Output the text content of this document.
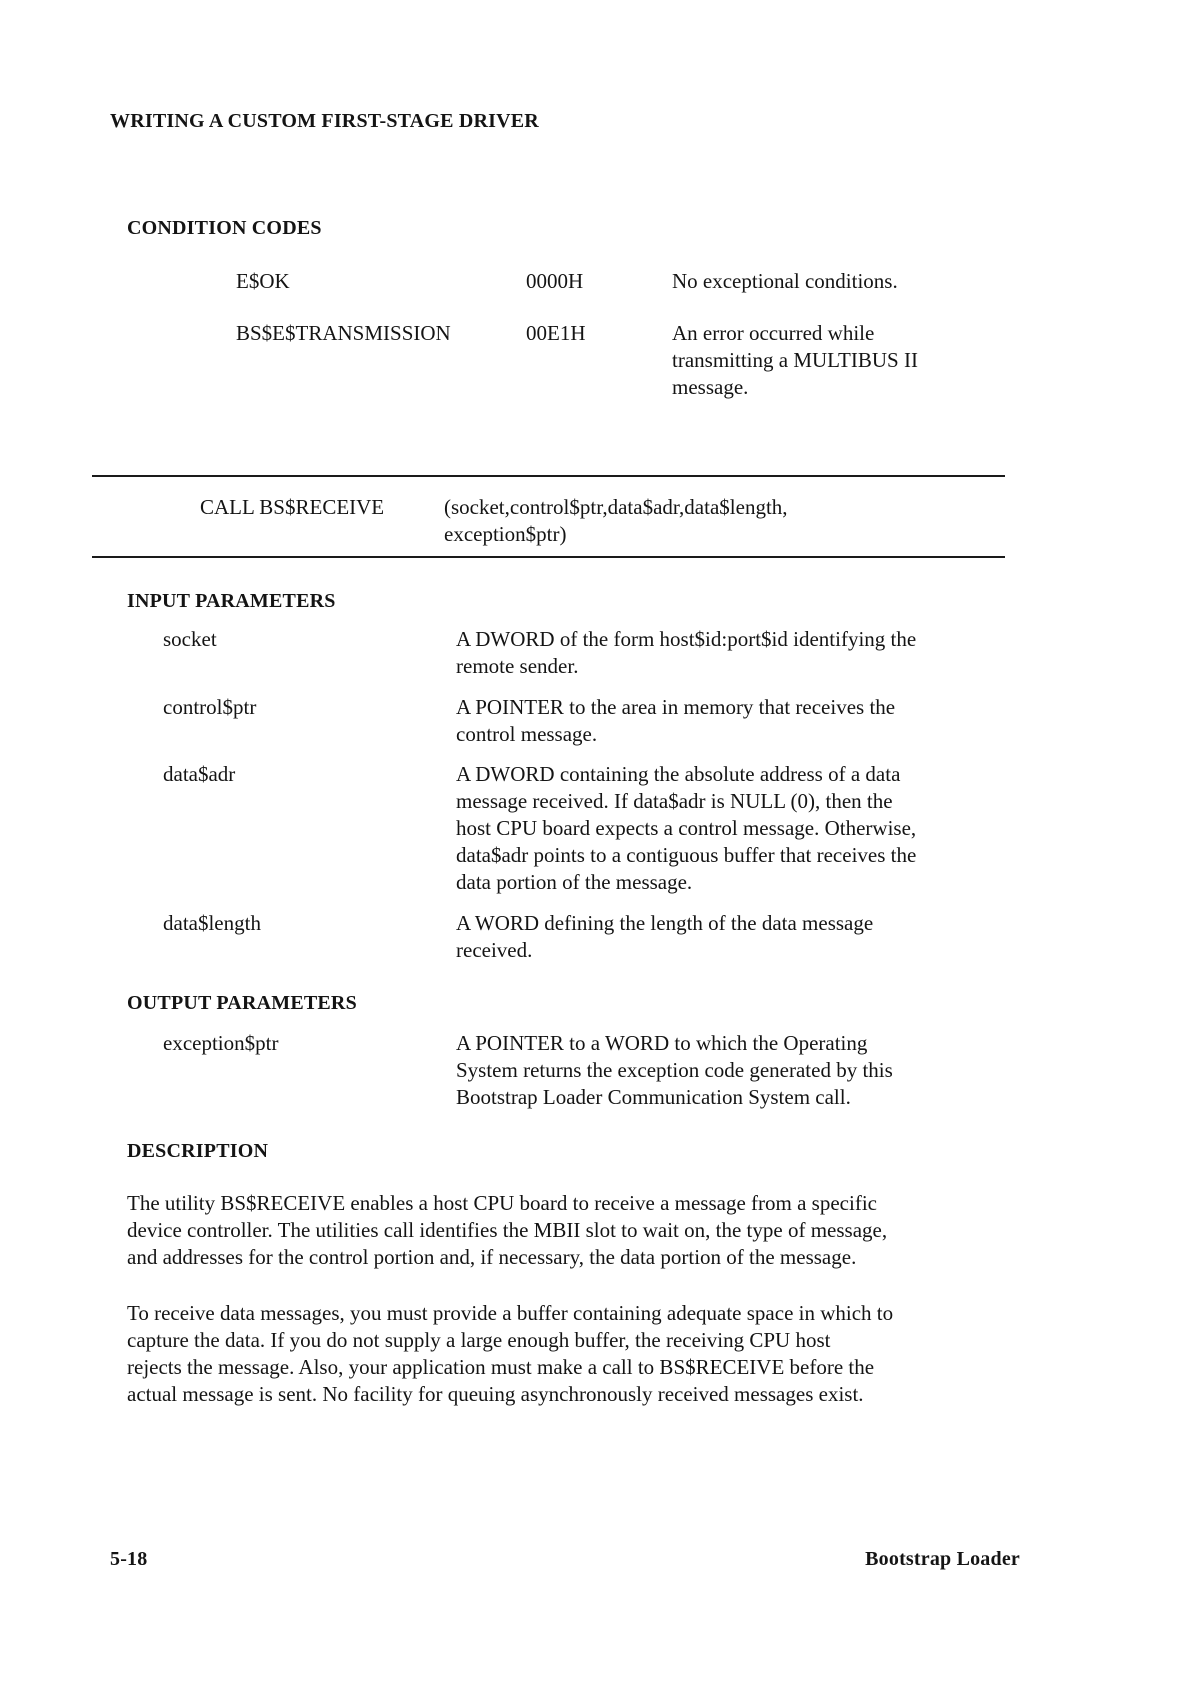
WRITING A CUSTOM FIRST-STAGE DRIVER
CONDITION CODES
E$OK	0000H	No exceptional conditions.
BS$E$TRANSMISSION	00E1H	An error occurred while
transmitting a MULTIBUS II
message.
CALL BS$RECEIVE	(socket,control$ptr,data$adr,data$length,
exception$ptr)
INPUT PARAMETERS
socket	A DWORD of the form host$id:port$id identifying the
remote sender.
control$ptr	A POINTER to the area in memory that receives the
control message.
data$adr	A DWORD containing the absolute address of a data
message received. If data$adr is NULL (0), then the
host CPU board expects a control message. Otherwise,
data$adr points to a contiguous buffer that receives the
data portion of the message.
data$length	A WORD defining the length of the data message
received.
OUTPUT PARAMETERS
exception$ptr	A POINTER to a WORD to which the Operating
System returns the exception code generated by this
Bootstrap Loader Communication System call.
DESCRIPTION
The utility BS$RECEIVE enables a host CPU board to receive a message from a specific
device controller. The utilities call identifies the MBII slot to wait on, the type of message,
and addresses for the control portion and, if necessary, the data portion of the message.
To receive data messages, you must provide a buffer containing adequate space in which to
capture the data. If you do not supply a large enough buffer, the receiving CPU host
rejects the message. Also, your application must make a call to BS$RECEIVE before the
actual message is sent. No facility for queuing asynchronously received messages exist.
5-18	Bootstrap Loader
